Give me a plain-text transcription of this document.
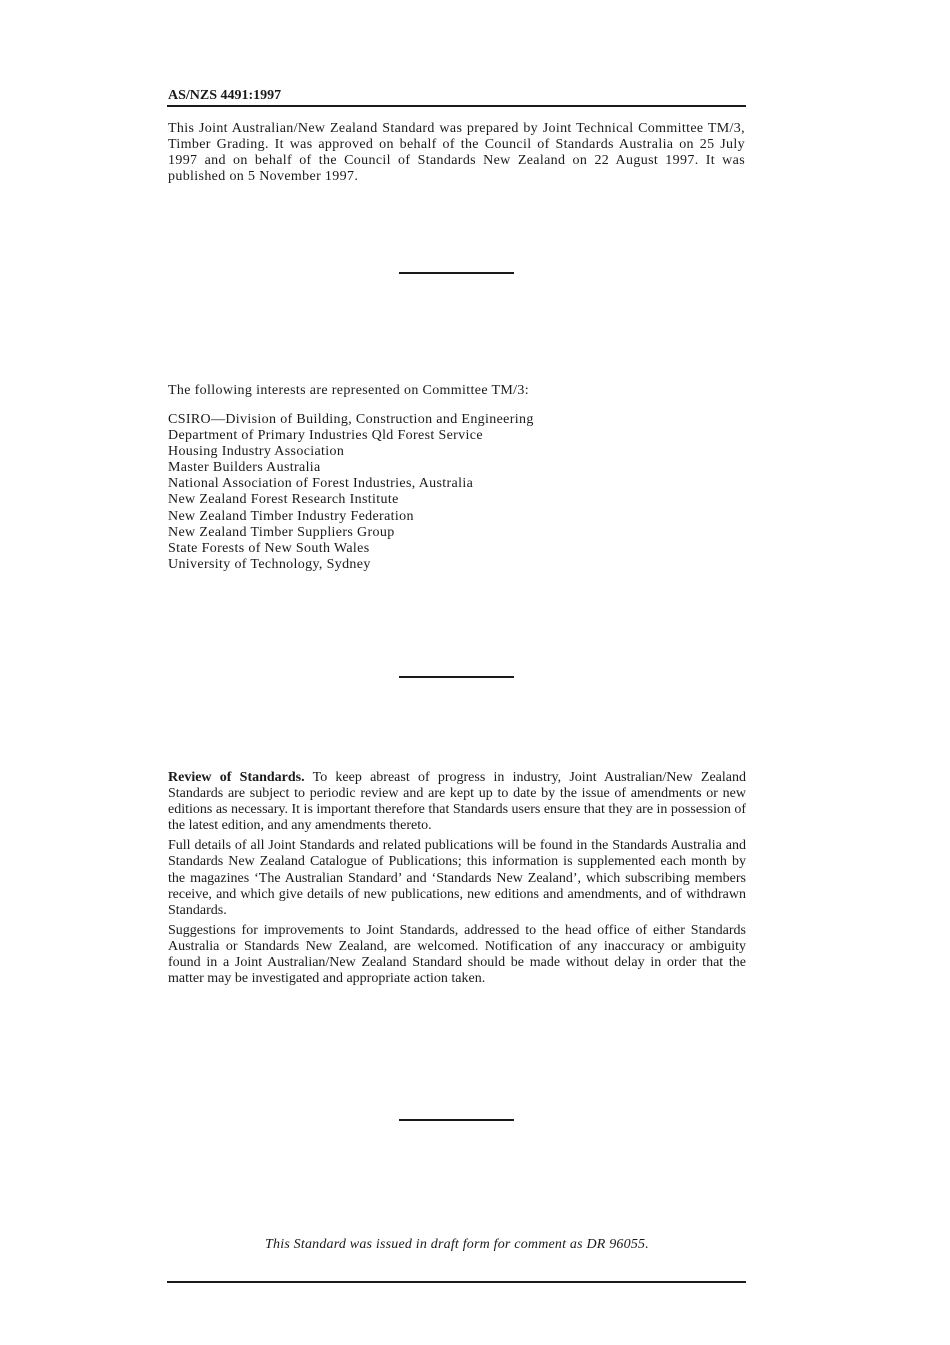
AS/NZS 4491:1997
This Joint Australian/New Zealand Standard was prepared by Joint Technical Committee TM/3, Timber Grading. It was approved on behalf of the Council of Standards Australia on 25 July 1997 and on behalf of the Council of Standards New Zealand on 22 August 1997. It was published on 5 November 1997.
The following interests are represented on Committee TM/3:
CSIRO—Division of Building, Construction and Engineering
Department of Primary Industries Qld Forest Service
Housing Industry Association
Master Builders Australia
National Association of Forest Industries, Australia
New Zealand Forest Research Institute
New Zealand Timber Industry Federation
New Zealand Timber Suppliers Group
State Forests of New South Wales
University of Technology, Sydney

Review of Standards. To keep abreast of progress in industry, Joint Australian/New Zealand Standards are subject to periodic review and are kept up to date by the issue of amendments or new editions as necessary. It is important therefore that Standards users ensure that they are in possession of the latest edition, and any amendments thereto.

Full details of all Joint Standards and related publications will be found in the Standards Australia and Standards New Zealand Catalogue of Publications; this information is supplemented each month by the magazines ‘The Australian Standard’ and ‘Standards New Zealand’, which subscribing members receive, and which give details of new publications, new editions and amendments, and of withdrawn Standards.

Suggestions for improvements to Joint Standards, addressed to the head office of either Standards Australia or Standards New Zealand, are welcomed. Notification of any inaccuracy or ambiguity found in a Joint Australian/New Zealand Standard should be made without delay in order that the matter may be investigated and appropriate action taken.

This Standard was issued in draft form for comment as DR 96055.
